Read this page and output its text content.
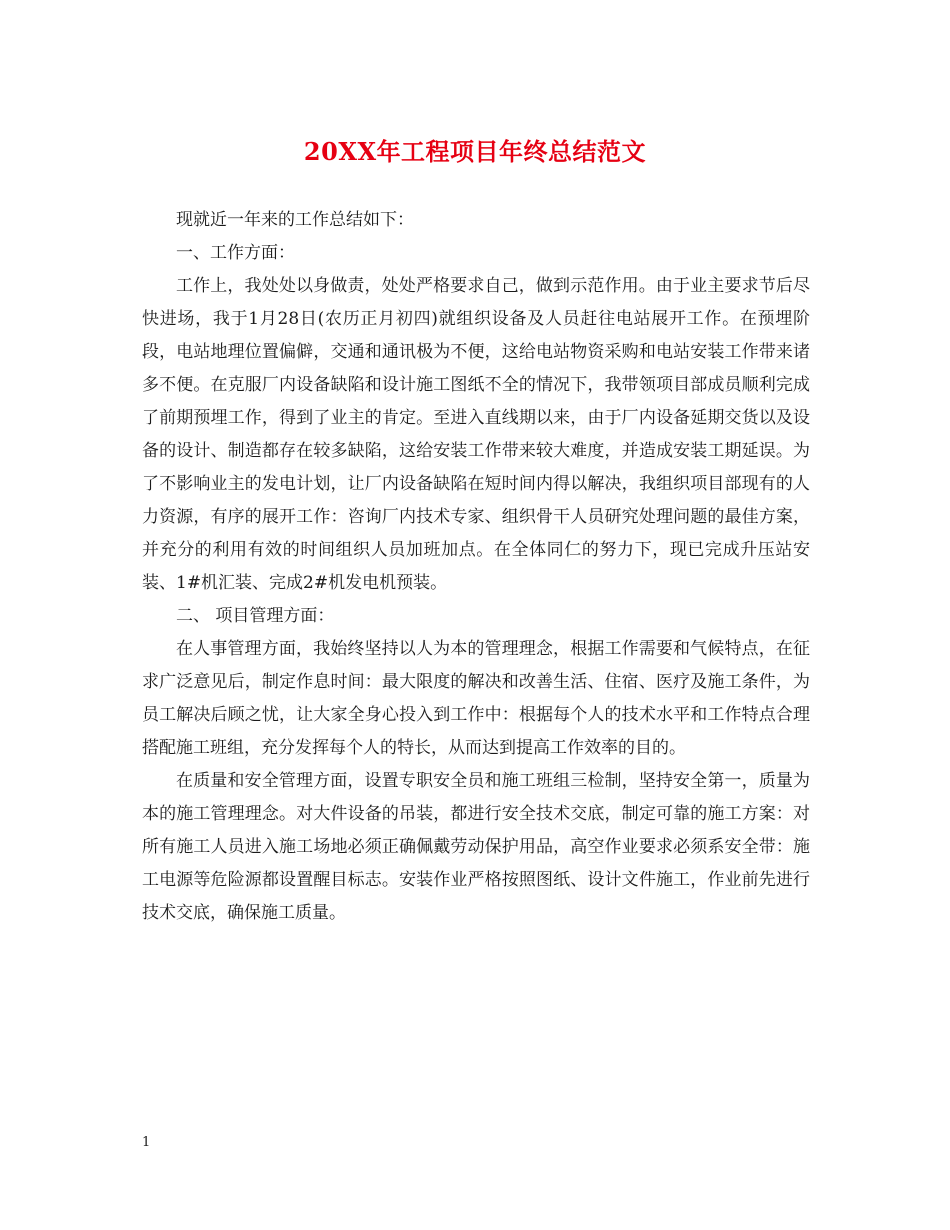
20XX年工程项目年终总结范文

现就近一年来的工作总结如下：

一、工作方面：

工作上，我处处以身做责，处处严格要求自己，做到示范作用。由于业主要求节后尽快进场，我于1月28日(农历正月初四)就组织设备及人员赶往电站展开工作。在预埋阶段，电站地理位置偏僻，交通和通讯极为不便，这给电站物资采购和电站安装工作带来诸多不便。在克服厂内设备缺陷和设计施工图纸不全的情况下，我带领项目部成员顺利完成了前期预埋工作，得到了业主的肯定。至进入直线期以来，由于厂内设备延期交货以及设备的设计、制造都存在较多缺陷，这给安装工作带来较大难度，并造成安装工期延误。为了不影响业主的发电计划，让厂内设备缺陷在短时间内得以解决，我组织项目部现有的人力资源，有序的展开工作：咨询厂内技术专家、组织骨干人员研究处理问题的最佳方案，并充分的利用有效的时间组织人员加班加点。在全体同仁的努力下，现已完成升压站安装、1#机汇装、完成2#机发电机预装。

二、 项目管理方面：

在人事管理方面，我始终坚持以人为本的管理理念，根据工作需要和气候特点，在征求广泛意见后，制定作息时间：最大限度的解决和改善生活、住宿、医疗及施工条件，为员工解决后顾之忧，让大家全身心投入到工作中：根据每个人的技术水平和工作特点合理搭配施工班组，充分发挥每个人的特长，从而达到提高工作效率的目的。

在质量和安全管理方面，设置专职安全员和施工班组三检制，坚持安全第一，质量为本的施工管理理念。对大件设备的吊装，都进行安全技术交底，制定可靠的施工方案：对所有施工人员进入施工场地必须正确佩戴劳动保护用品，高空作业要求必须系安全带：施工电源等危险源都设置醒目标志。安装作业严格按照图纸、设计文件施工，作业前先进行技术交底，确保施工质量。

1
